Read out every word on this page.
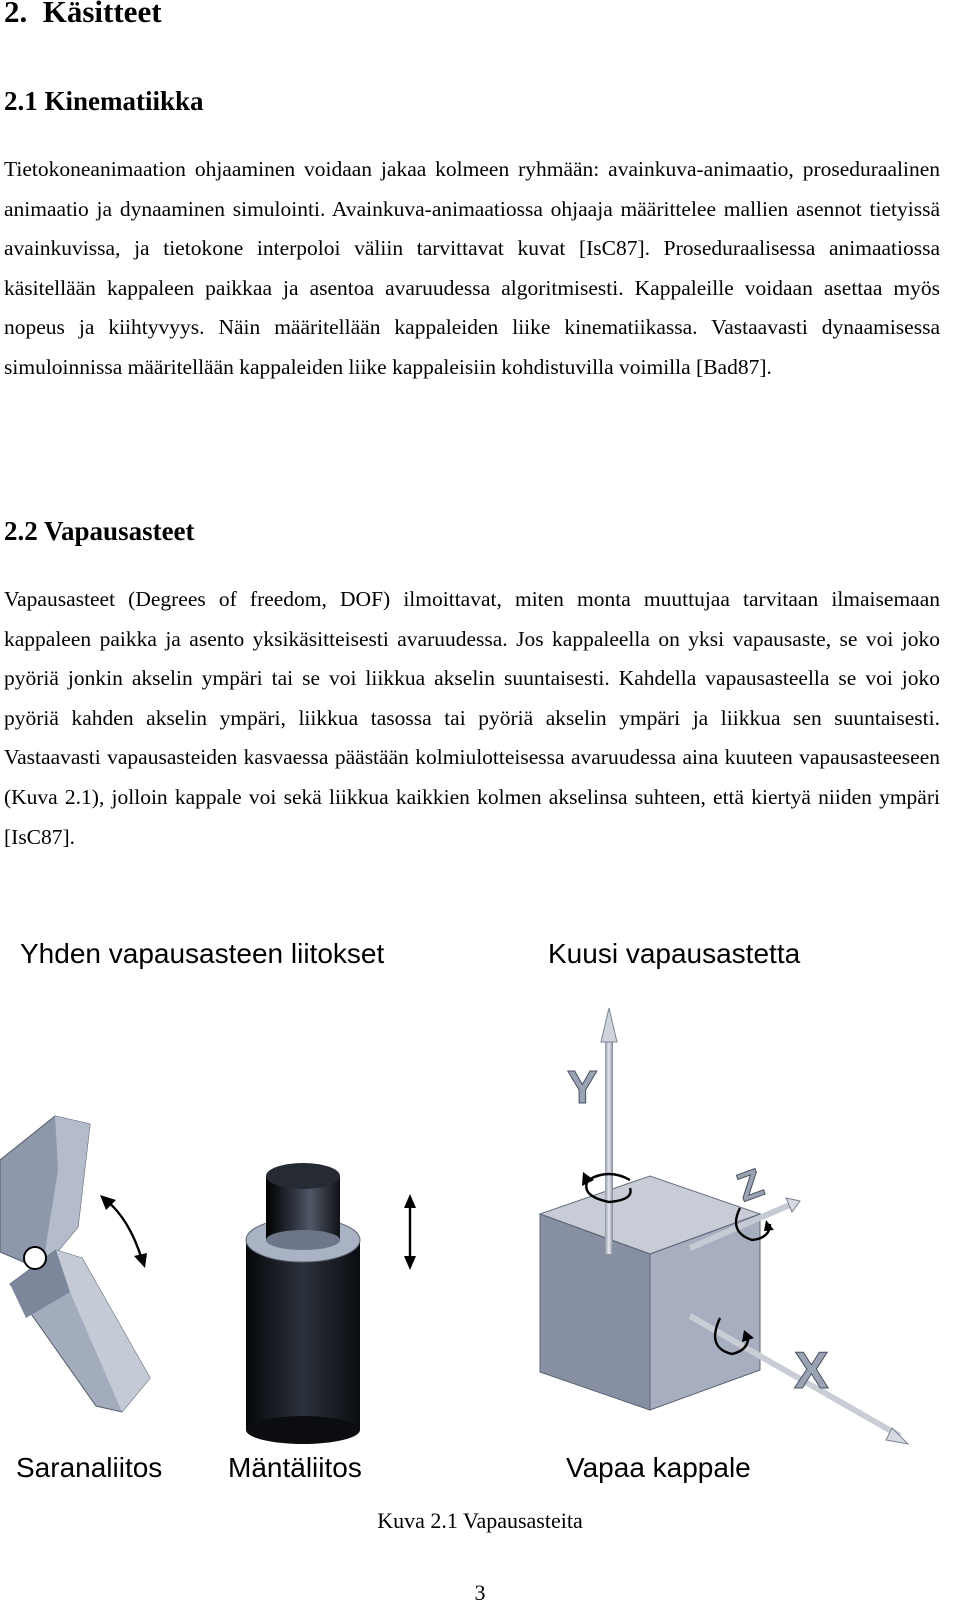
2. Käsitteet
2.1 Kinematiikka

Tietokoneanimaation ohjaaminen voidaan jakaa kolmeen ryhmään: avainkuva-animaatio, proseduraalinen animaatio ja dynaaminen simulointi. Avainkuva-animaatiossa ohjaaja määrittelee mallien asennot tietyissä avainkuvissa, ja tietokone interpoloi väliin tarvittavat kuvat [IsC87]. Proseduraalisessa animaatiossa käsitellään kappaleen paikkaa ja asentoa avaruudessa algoritmisesti. Kappaleille voidaan asettaa myös nopeus ja kiihtyvyys. Näin määritellään kappaleiden liike kinematiikassa. Vastaavasti dynaamisessa simuloinnissa määritellään kappaleiden liike kappaleisiin kohdistuvilla voimilla [Bad87].

2.2 Vapausasteet

Vapausasteet (Degrees of freedom, DOF) ilmoittavat, miten monta muuttujaa tarvitaan ilmaisemaan kappaleen paikka ja asento yksikäsitteisesti avaruudessa. Jos kappaleella on yksi vapausaste, se voi joko pyöriä jonkin akselin ympäri tai se voi liikkua akselin suuntaisesti. Kahdella vapausasteella se voi joko pyöriä kahden akselin ympäri, liikkua tasossa tai pyöriä akselin ympäri ja liikkua sen suuntaisesti. Vastaavasti vapausasteiden kasvaessa päästään kolmiulotteisessa avaruudessa aina kuuteen vapausasteeseen (Kuva 2.1), jolloin kappale voi sekä liikkua kaikkien kolmen akselinsa suhteen, että kiertyä niiden ympäri [IsC87].

Yhden vapausasteen liitokset	Kuusi vapausastetta
Y
Z
X
Saranaliitos Mäntäliitos	Vapaa kappale
Kuva 2.1 Vapausasteita
3
